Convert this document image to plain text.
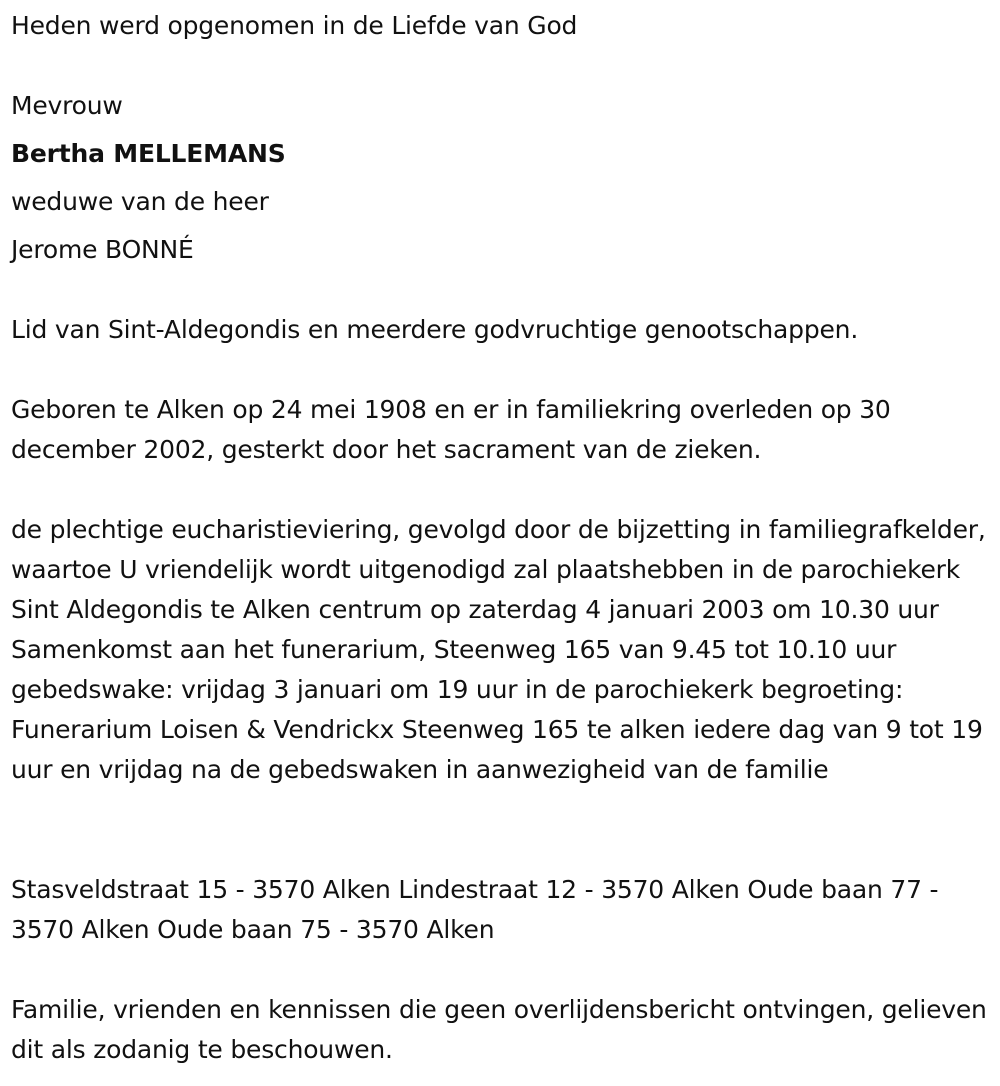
Heden werd opgenomen in de Liefde van God
Mevrouw
Bertha MELLEMANS
weduwe van de heer
Jerome BONNÉ
Lid van Sint-Aldegondis en meerdere godvruchtige genootschappen.
Geboren te Alken op 24 mei 1908 en er in familiekring overleden op 30 december 2002, gesterkt door het sacrament van de zieken.
de plechtige eucharistieviering, gevolgd door de bijzetting in familiegrafkelder, waartoe U vriendelijk wordt uitgenodigd zal plaatshebben in de parochiekerk Sint Aldegondis te Alken centrum op zaterdag 4 januari 2003 om 10.30 uur Samenkomst aan het funerarium, Steenweg 165 van 9.45 tot 10.10 uur gebedswake: vrijdag 3 januari om 19 uur in de parochiekerk begroeting: Funerarium Loisen & Vendrickx Steenweg 165 te alken iedere dag van 9 tot 19 uur en vrijdag na de gebedswaken in aanwezigheid van de familie
Stasveldstraat 15 - 3570 Alken Lindestraat 12 - 3570 Alken Oude baan 77 - 3570 Alken Oude baan 75 - 3570 Alken
Familie, vrienden en kennissen die geen overlijdensbericht ontvingen, gelieven dit als zodanig te beschouwen.
